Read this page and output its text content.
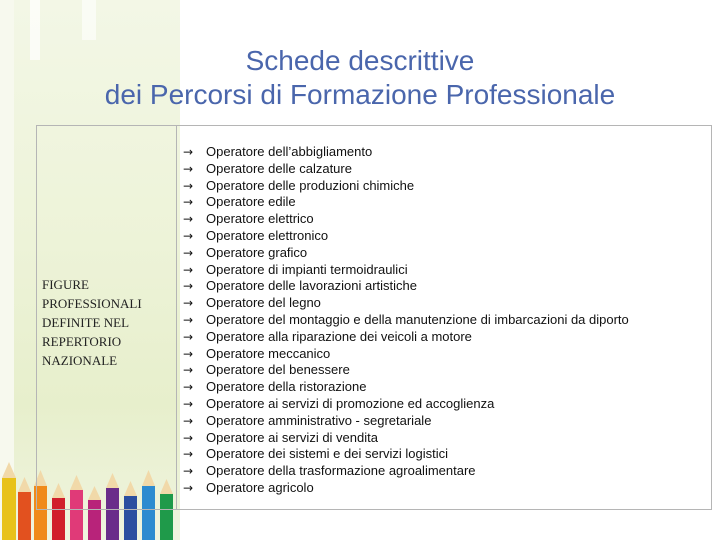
Schede descrittive
dei Percorsi di Formazione Professionale
FIGURE
PROFESSIONALI
DEFINITE NEL
REPERTORIO
NAZIONALE
→ Operatore dell’abbigliamento
→ Operatore delle calzature
→ Operatore delle produzioni chimiche
→ Operatore edile
→ Operatore elettrico
→ Operatore elettronico
→ Operatore grafico
→ Operatore di impianti termoidraulici
→ Operatore delle lavorazioni artistiche
→ Operatore del legno
→ Operatore del montaggio e della manutenzione di imbarcazioni da diporto
→ Operatore alla riparazione dei veicoli a motore
→ Operatore meccanico
→ Operatore del benessere
→ Operatore della ristorazione
→ Operatore ai servizi di promozione ed accoglienza
→ Operatore amministrativo - segretariale
→ Operatore ai servizi di vendita
→ Operatore dei sistemi e dei servizi logistici
→ Operatore della trasformazione agroalimentare
→ Operatore agricolo
